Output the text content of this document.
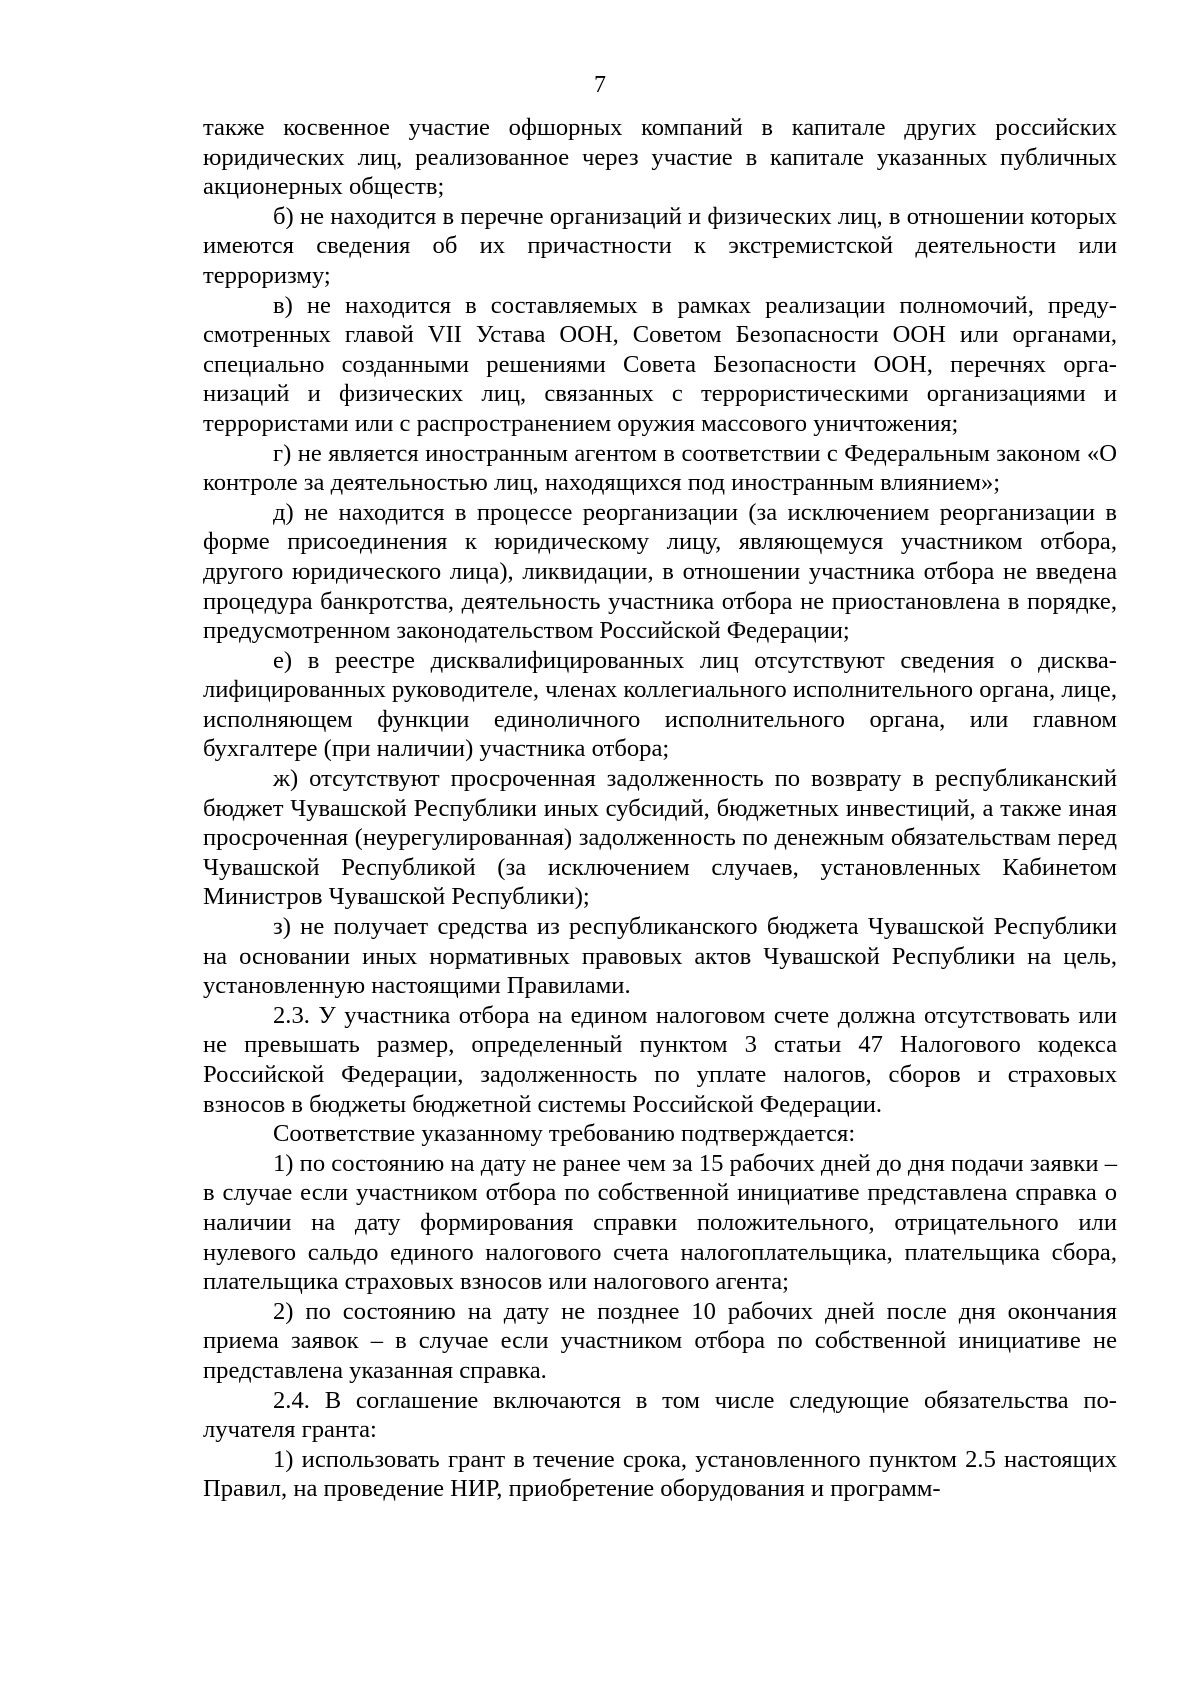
7

также косвенное участие офшорных компаний в капитале других российских юридических лиц, реализованное через участие в капитале указанных публичных акционерных обществ;

б) не находится в перечне организаций и физических лиц, в отношении которых имеются сведения об их причастности к экстремистской деятельности или терроризму;

в) не находится в составляемых в рамках реализации полномочий, предусмотренных главой VII Устава ООН, Советом Безопасности ООН или органами, специально созданными решениями Совета Безопасности ООН, перечнях организаций и физических лиц, связанных с террористическими организациями и террористами или с распространением оружия массового уничтожения;

г) не является иностранным агентом в соответствии с Федеральным законом «О контроле за деятельностью лиц, находящихся под иностранным влиянием»;

д) не находится в процессе реорганизации (за исключением реорганизации в форме присоединения к юридическому лицу, являющемуся участником отбора, другого юридического лица), ликвидации, в отношении участника отбора не введена процедура банкротства, деятельность участника отбора не приостановлена в порядке, предусмотренном законодательством Российской Федерации;

е) в реестре дисквалифицированных лиц отсутствуют сведения о дисквалифицированных руководителе, членах коллегиального исполнительного органа, лице, исполняющем функции единоличного исполнительного органа, или главном бухгалтере (при наличии) участника отбора;

ж) отсутствуют просроченная задолженность по возврату в республиканский бюджет Чувашской Республики иных субсидий, бюджетных инвестиций, а также иная просроченная (неурегулированная) задолженность по денежным обязательствам перед Чувашской Республикой (за исключением случаев, установленных Кабинетом Министров Чувашской Республики);

з) не получает средства из республиканского бюджета Чувашской Республики на основании иных нормативных правовых актов Чувашской Республики на цель, установленную настоящими Правилами.

2.3. У участника отбора на едином налоговом счете должна отсутствовать или не превышать размер, определенный пунктом 3 статьи 47 Налогового кодекса Российской Федерации, задолженность по уплате налогов, сборов и страховых взносов в бюджеты бюджетной системы Российской Федерации.

Соответствие указанному требованию подтверждается:

1) по состоянию на дату не ранее чем за 15 рабочих дней до дня подачи заявки – в случае если участником отбора по собственной инициативе представлена справка о наличии на дату формирования справки положительного, отрицательного или нулевого сальдо единого налогового счета налогоплательщика, плательщика сбора, плательщика страховых взносов или налогового агента;

2) по состоянию на дату не позднее 10 рабочих дней после дня окончания приема заявок – в случае если участником отбора по собственной инициативе не представлена указанная справка.

2.4. В соглашение включаются в том числе следующие обязательства получателя гранта:

1) использовать грант в течение срока, установленного пунктом 2.5 настоящих Правил, на проведение НИР, приобретение оборудования и программ-
